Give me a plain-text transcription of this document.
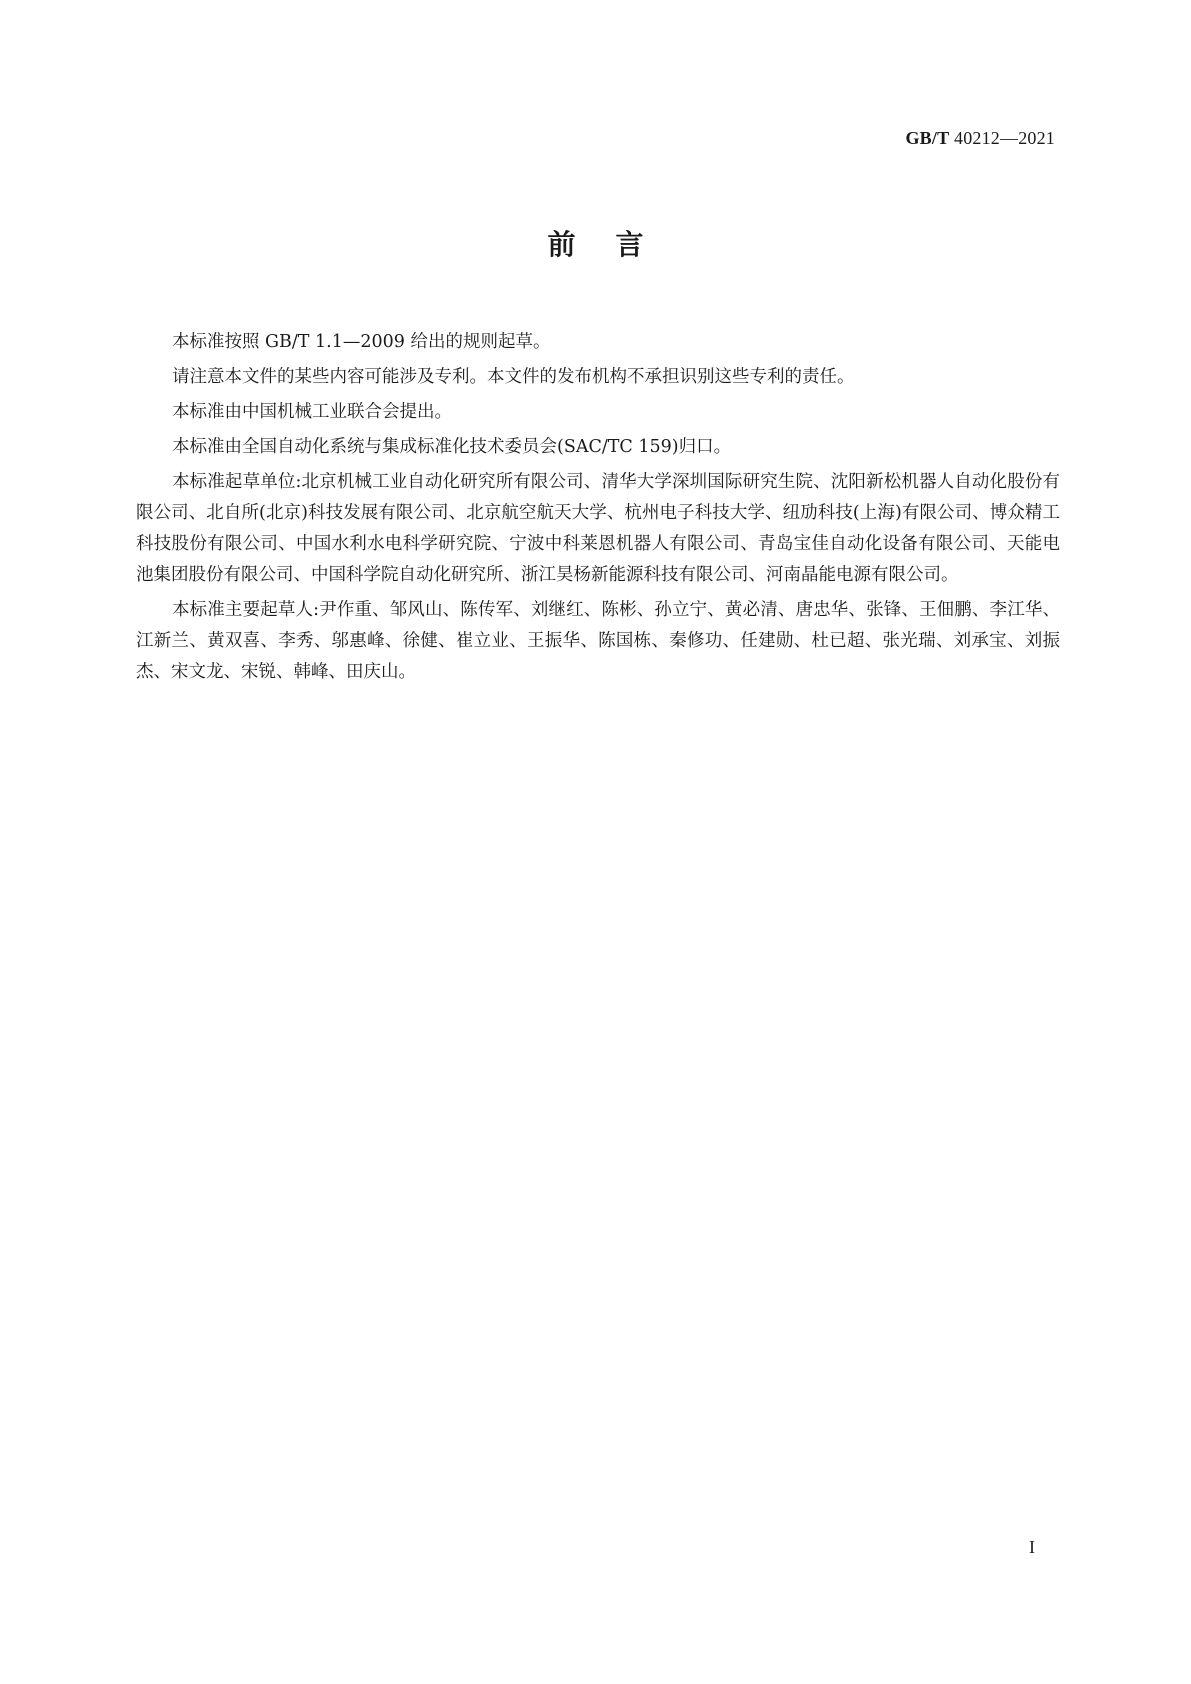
GB/T 40212—2021
前言

本标准按照 GB/T 1.1—2009 给出的规则起草。

请注意本文件的某些内容可能涉及专利。本文件的发布机构不承担识别这些专利的责任。

本标准由中国机械工业联合会提出。

本标准由全国自动化系统与集成标准化技术委员会(SAC/TC 159)归口。

本标准起草单位:北京机械工业自动化研究所有限公司、清华大学深圳国际研究生院、沈阳新松机器人自动化股份有限公司、北自所(北京)科技发展有限公司、北京航空航天大学、杭州电子科技大学、纽劢科技(上海)有限公司、博众精工科技股份有限公司、中国水利水电科学研究院、宁波中科莱恩机器人有限公司、青岛宝佳自动化设备有限公司、天能电池集团股份有限公司、中国科学院自动化研究所、浙江昊杨新能源科技有限公司、河南晶能电源有限公司。

本标准主要起草人:尹作重、邹风山、陈传军、刘继红、陈彬、孙立宁、黄必清、唐忠华、张锋、王佃鹏、李江华、江新兰、黄双喜、李秀、邬惠峰、徐健、崔立业、王振华、陈国栋、秦修功、任建勋、杜已超、张光瑞、刘承宝、刘振杰、宋文龙、宋锐、韩峰、田庆山。

I
